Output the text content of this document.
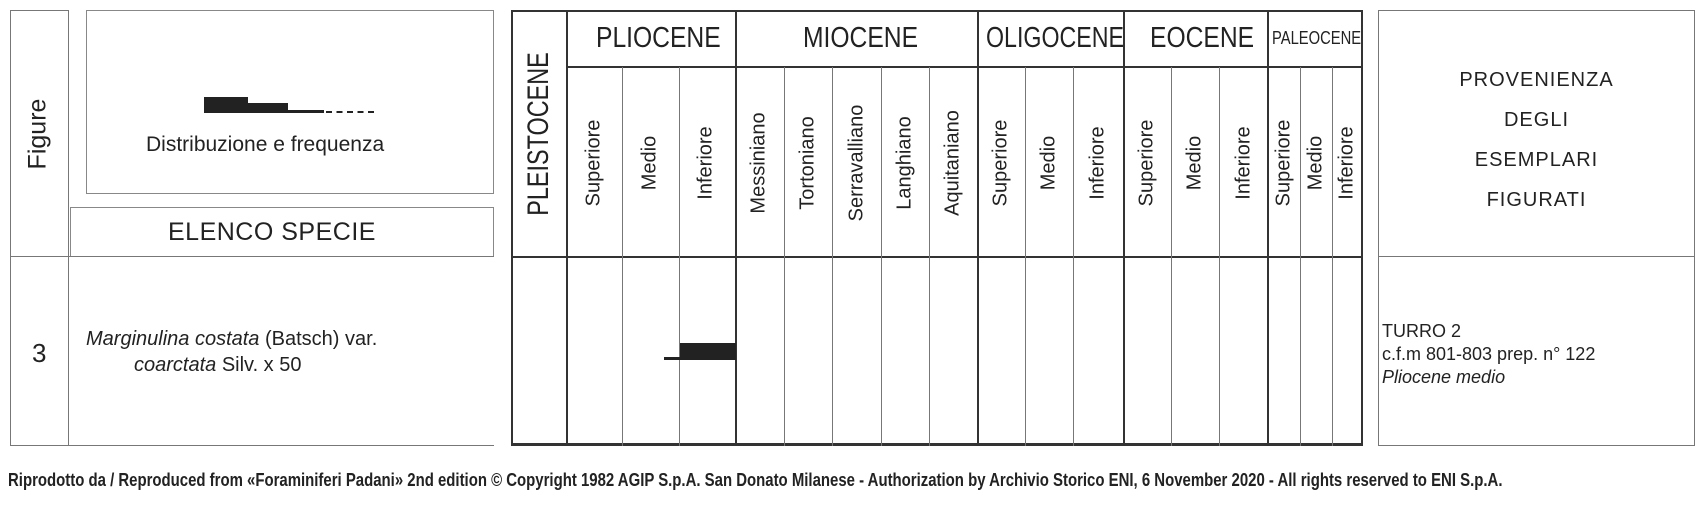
Distribuzione e frequenza
ELENCO SPECIE
Figure
3 Marginulina costata (Batsch) var.
coarctata Silv. x 50
PLEISTOCENE
PLIOCENE	MIOCENE OLIGOCENE EOCENE PALEOCENE
Superiore Medio Inferiore Messiniano Tortoniano Serravalliano Langhiano Aquitaniano Superiore Medio Inferiore Superiore Medio Inferiore Superiore Medio Inferiore
PROVENIENZA
DEGLI
ESEMPLARI
FIGURATI
TURRO 2
c.f.m 801-803 prep. n° 122
Pliocene medio
Riprodotto da / Reproduced from «Foraminiferi Padani» 2nd edition © Copyright 1982 AGIP S.p.A. San Donato Milanese - Authorization by Archivio Storico ENI, 6 November 2020 - All rights reserved to ENI S.p.A.
